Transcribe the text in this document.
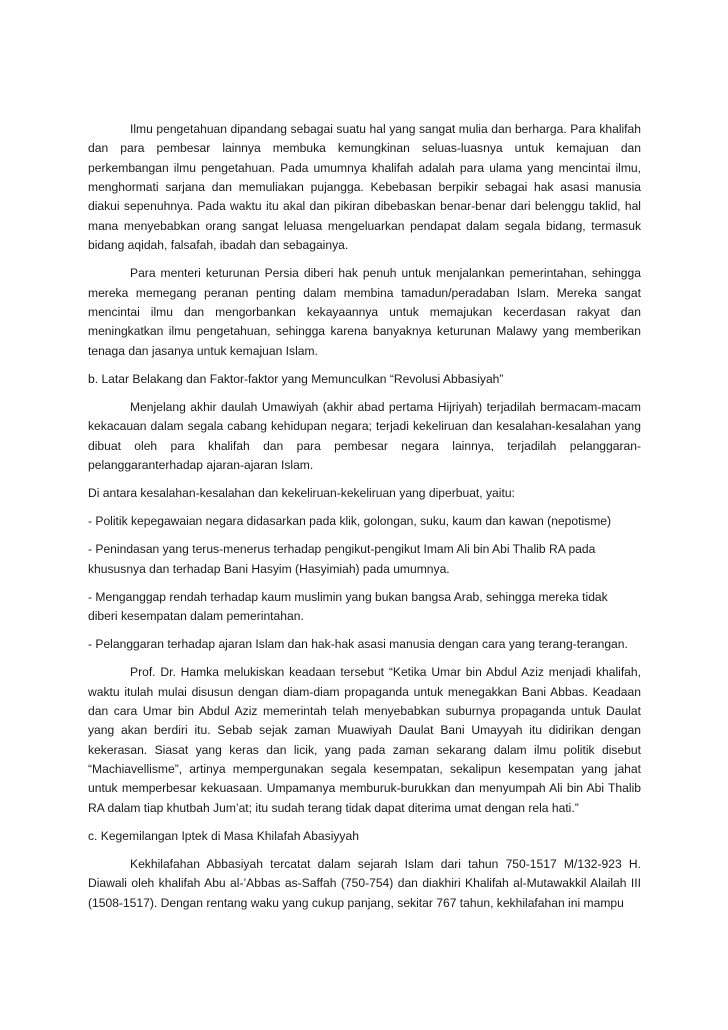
Ilmu pengetahuan dipandang sebagai suatu hal yang sangat mulia dan berharga. Para khalifah dan para pembesar lainnya membuka kemungkinan seluas-luasnya untuk kemajuan dan perkembangan ilmu pengetahuan. Pada umumnya khalifah adalah para ulama yang mencintai ilmu, menghormati sarjana dan memuliakan pujangga. Kebebasan berpikir sebagai hak asasi manusia diakui sepenuhnya. Pada waktu itu akal dan pikiran dibebaskan benar-benar dari belenggu taklid, hal mana menyebabkan orang sangat leluasa mengeluarkan pendapat dalam segala bidang, termasuk bidang aqidah, falsafah, ibadah dan sebagainya.

Para menteri keturunan Persia diberi hak penuh untuk menjalankan pemerintahan, sehingga mereka memegang peranan penting dalam membina tamadun/peradaban Islam. Mereka sangat mencintai ilmu dan mengorbankan kekayaannya untuk memajukan kecerdasan rakyat dan meningkatkan ilmu pengetahuan, sehingga karena banyaknya keturunan Malawy yang memberikan tenaga dan jasanya untuk kemajuan Islam.

b. Latar Belakang dan Faktor-faktor yang Memunculkan “Revolusi Abbasiyah”

Menjelang akhir daulah Umawiyah (akhir abad pertama Hijriyah) terjadilah bermacam-macam kekacauan dalam segala cabang kehidupan negara; terjadi kekeliruan dan kesalahan-kesalahan yang dibuat oleh para khalifah dan para pembesar negara lainnya, terjadilah pelanggaran-pelanggaranterhadap ajaran-ajaran Islam.

Di antara kesalahan-kesalahan dan kekeliruan-kekeliruan yang diperbuat, yaitu:

- Politik kepegawaian negara didasarkan pada klik, golongan, suku, kaum dan kawan (nepotisme)

- Penindasan yang terus-menerus terhadap pengikut-pengikut Imam Ali bin Abi Thalib RA pada
khususnya dan terhadap Bani Hasyim (Hasyimiah) pada umumnya.

- Menganggap rendah terhadap kaum muslimin yang bukan bangsa Arab, sehingga mereka tidak
diberi kesempatan dalam pemerintahan.

- Pelanggaran terhadap ajaran Islam dan hak-hak asasi manusia dengan cara yang terang-terangan.

Prof. Dr. Hamka melukiskan keadaan tersebut “Ketika Umar bin Abdul Aziz menjadi khalifah, waktu itulah mulai disusun dengan diam-diam propaganda untuk menegakkan Bani Abbas. Keadaan dan cara Umar bin Abdul Aziz memerintah telah menyebabkan suburnya propaganda untuk Daulat yang akan berdiri itu. Sebab sejak zaman Muawiyah Daulat Bani Umayyah itu didirikan dengan kekerasan. Siasat yang keras dan licik, yang pada zaman sekarang dalam ilmu politik disebut “Machiavellisme”, artinya mempergunakan segala kesempatan, sekalipun kesempatan yang jahat untuk memperbesar kekuasaan. Umpamanya memburuk-burukkan dan menyumpah Ali bin Abi Thalib RA dalam tiap khutbah Jum’at; itu sudah terang tidak dapat diterima umat dengan rela hati.”

c. Kegemilangan Iptek di Masa Khilafah Abasiyyah

Kekhilafahan Abbasiyah tercatat dalam sejarah Islam dari tahun 750-1517 M/132-923 H. Diawali oleh khalifah Abu al-’Abbas as-Saffah (750-754) dan diakhiri Khalifah al-Mutawakkil Alailah III (1508-1517). Dengan rentang waku yang cukup panjang, sekitar 767 tahun, kekhilafahan ini mampu
